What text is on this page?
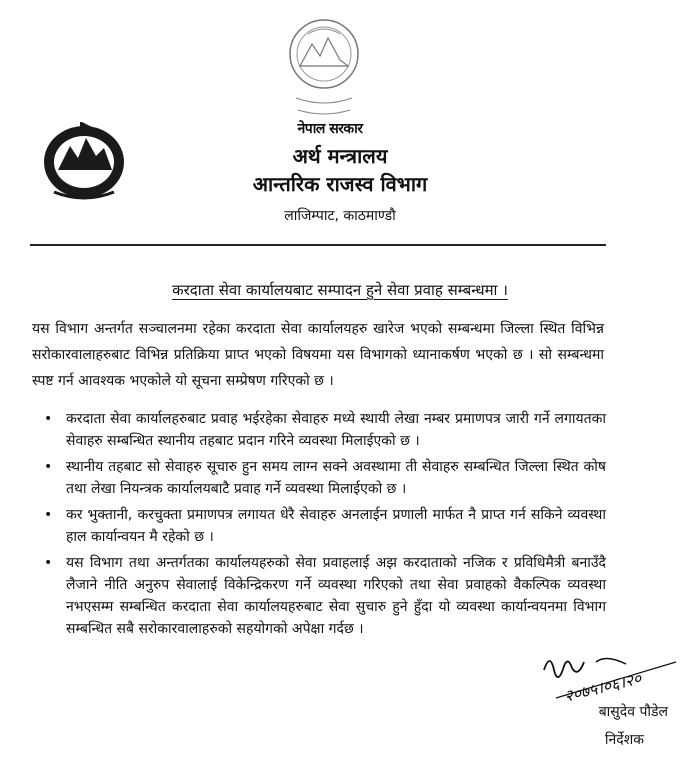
नेपाल सरकार
अर्थ मन्त्रालय
आन्तरिक राजस्व विभाग
लाजिम्पाट, काठमाण्डौ
करदाता सेवा कार्यालयबाट सम्पादन हुने सेवा प्रवाह सम्बन्धमा ।
यस विभाग अन्तर्गत सञ्चालनमा रहेका करदाता सेवा कार्यालयहरु खारेज भएको सम्बन्धमा जिल्ला स्थित विभिन्न सरोकारवालाहरुबाट विभिन्न प्रतिक्रिया प्राप्त भएको विषयमा यस विभागको ध्यानाकर्षण भएको छ । सो सम्बन्धमा स्पष्ट गर्न आवश्यक भएकोले यो सूचना सम्प्रेषण गरिएको छ ।
• करदाता सेवा कार्यालहरुबाट प्रवाह भईरहेका सेवाहरु मध्ये स्थायी लेखा नम्बर प्रमाणपत्र जारी गर्ने लगायतका सेवाहरु सम्बन्धित स्थानीय तहबाट प्रदान गरिने व्यवस्था मिलाईएको छ ।
• स्थानीय तहबाट सो सेवाहरु सूचारु हुन समय लाग्न सक्ने अवस्थामा ती सेवाहरु सम्बन्धित जिल्ला स्थित कोष तथा लेखा नियन्त्रक कार्यालयबाटै प्रवाह गर्ने व्यवस्था मिलाईएको छ ।
• कर भुक्तानी, करचुक्ता प्रमाणपत्र लगायत धेरै सेवाहरु अनलाईन प्रणाली मार्फत नै प्राप्त गर्न सकिने व्यवस्था हाल कार्यान्वयन मै रहेको छ ।
• यस विभाग तथा अन्तर्गतका कार्यालयहरुको सेवा प्रवाहलाई अझ करदाताको नजिक र प्रविधिमैत्री बनाउँदै लैजाने नीति अनुरुप सेवालाई विकेन्द्रिकरण गर्ने व्यवस्था गरिएको तथा सेवा प्रवाहको वैकल्पिक व्यवस्था नभएसम्म सम्बन्धित करदाता सेवा कार्यालयहरुबाट सेवा सुचारु हुने हुँदा यो व्यवस्था कार्यान्वयनमा विभाग सम्बन्धित सबै सरोकारवालाहरुको सहयोगको अपेक्षा गर्दछ ।
२०७५।०६।२०
बासुदेव पौडेल
निर्देशक
